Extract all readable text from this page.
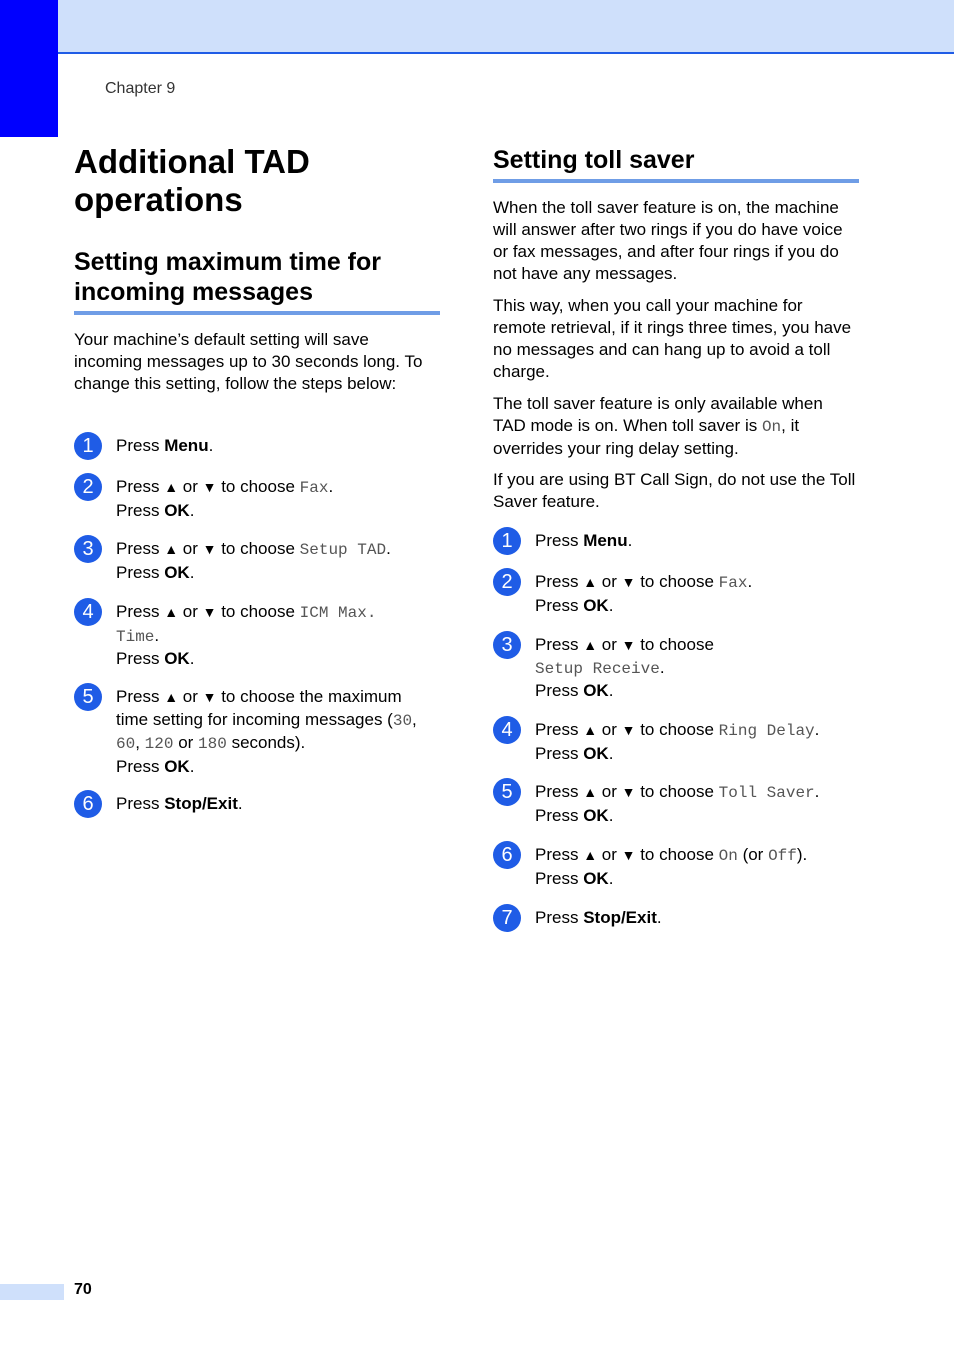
Chapter 9
Additional TAD
operations
Setting maximum time for
incoming messages

Your machine’s default setting will save incoming messages up to 30 seconds long. To change this setting, follow the steps below:

1	Press Menu.
2	Press ▲ or ▼ to choose Fax.
Press OK.
3	Press ▲ or ▼ to choose Setup TAD.
Press OK.
4	Press ▲ or ▼ to choose ICM Max.
Time.
Press OK.
5	Press ▲ or ▼ to choose the maximum
time setting for incoming messages (30,
60, 120 or 180 seconds).
Press OK.
6	Press Stop/Exit.
Setting toll saver

When the toll saver feature is on, the machine will answer after two rings if you do have voice or fax messages, and after four rings if you do not have any messages.

This way, when you call your machine for remote retrieval, if it rings three times, you have no messages and can hang up to avoid a toll charge.

The toll saver feature is only available when TAD mode is on. When toll saver is On, it overrides your ring delay setting.

If you are using BT Call Sign, do not use the Toll Saver feature.

1	Press Menu.
2	Press ▲ or ▼ to choose Fax.
Press OK.
3	Press ▲ or ▼ to choose
Setup Receive.
Press OK.
4	Press ▲ or ▼ to choose Ring Delay.
Press OK.
5	Press ▲ or ▼ to choose Toll Saver.
Press OK.
6	Press ▲ or ▼ to choose On (or Off).
Press OK.
7	Press Stop/Exit.
70
